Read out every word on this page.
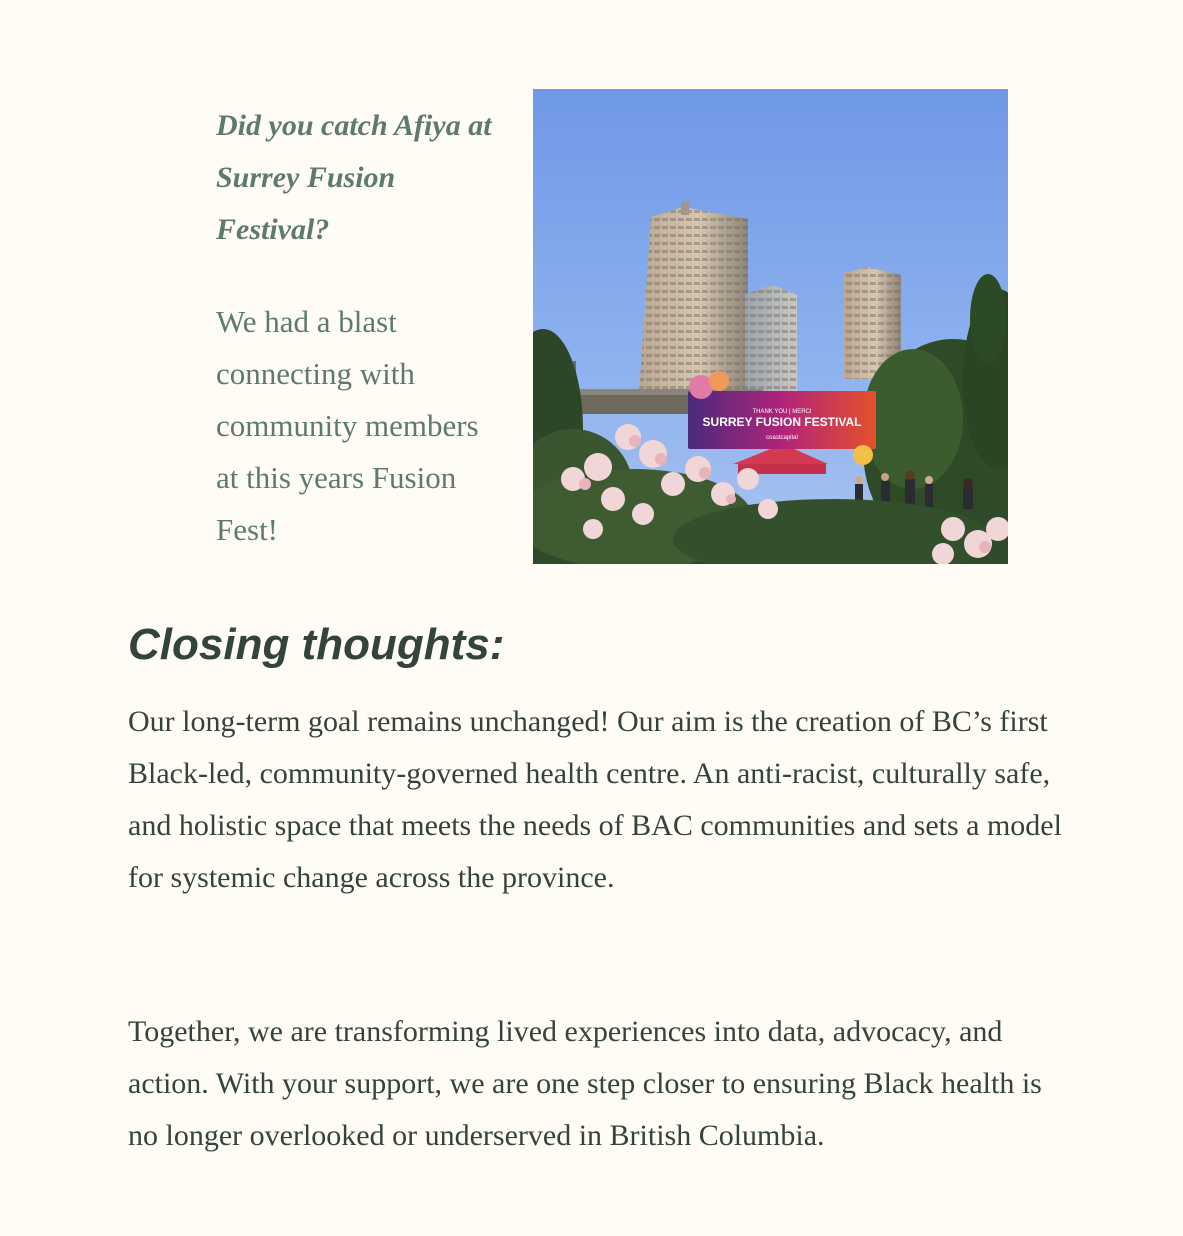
Did you catch Afiya at Surrey Fusion Festival?

We had a blast connecting with community members at this years Fusion Fest!

THANK YOU | MERCI
SURREY FUSION FESTIVAL
coastcapital
Closing thoughts:

Our long-term goal remains unchanged! Our aim is the creation of BC’s first Black-led, community-governed health centre. An anti-racist, culturally safe, and holistic space that meets the needs of BAC communities and sets a model for systemic change across the province.

Together, we are transforming lived experiences into data, advocacy, and action. With your support, we are one step closer to ensuring Black health is no longer overlooked or underserved in British Columbia.
